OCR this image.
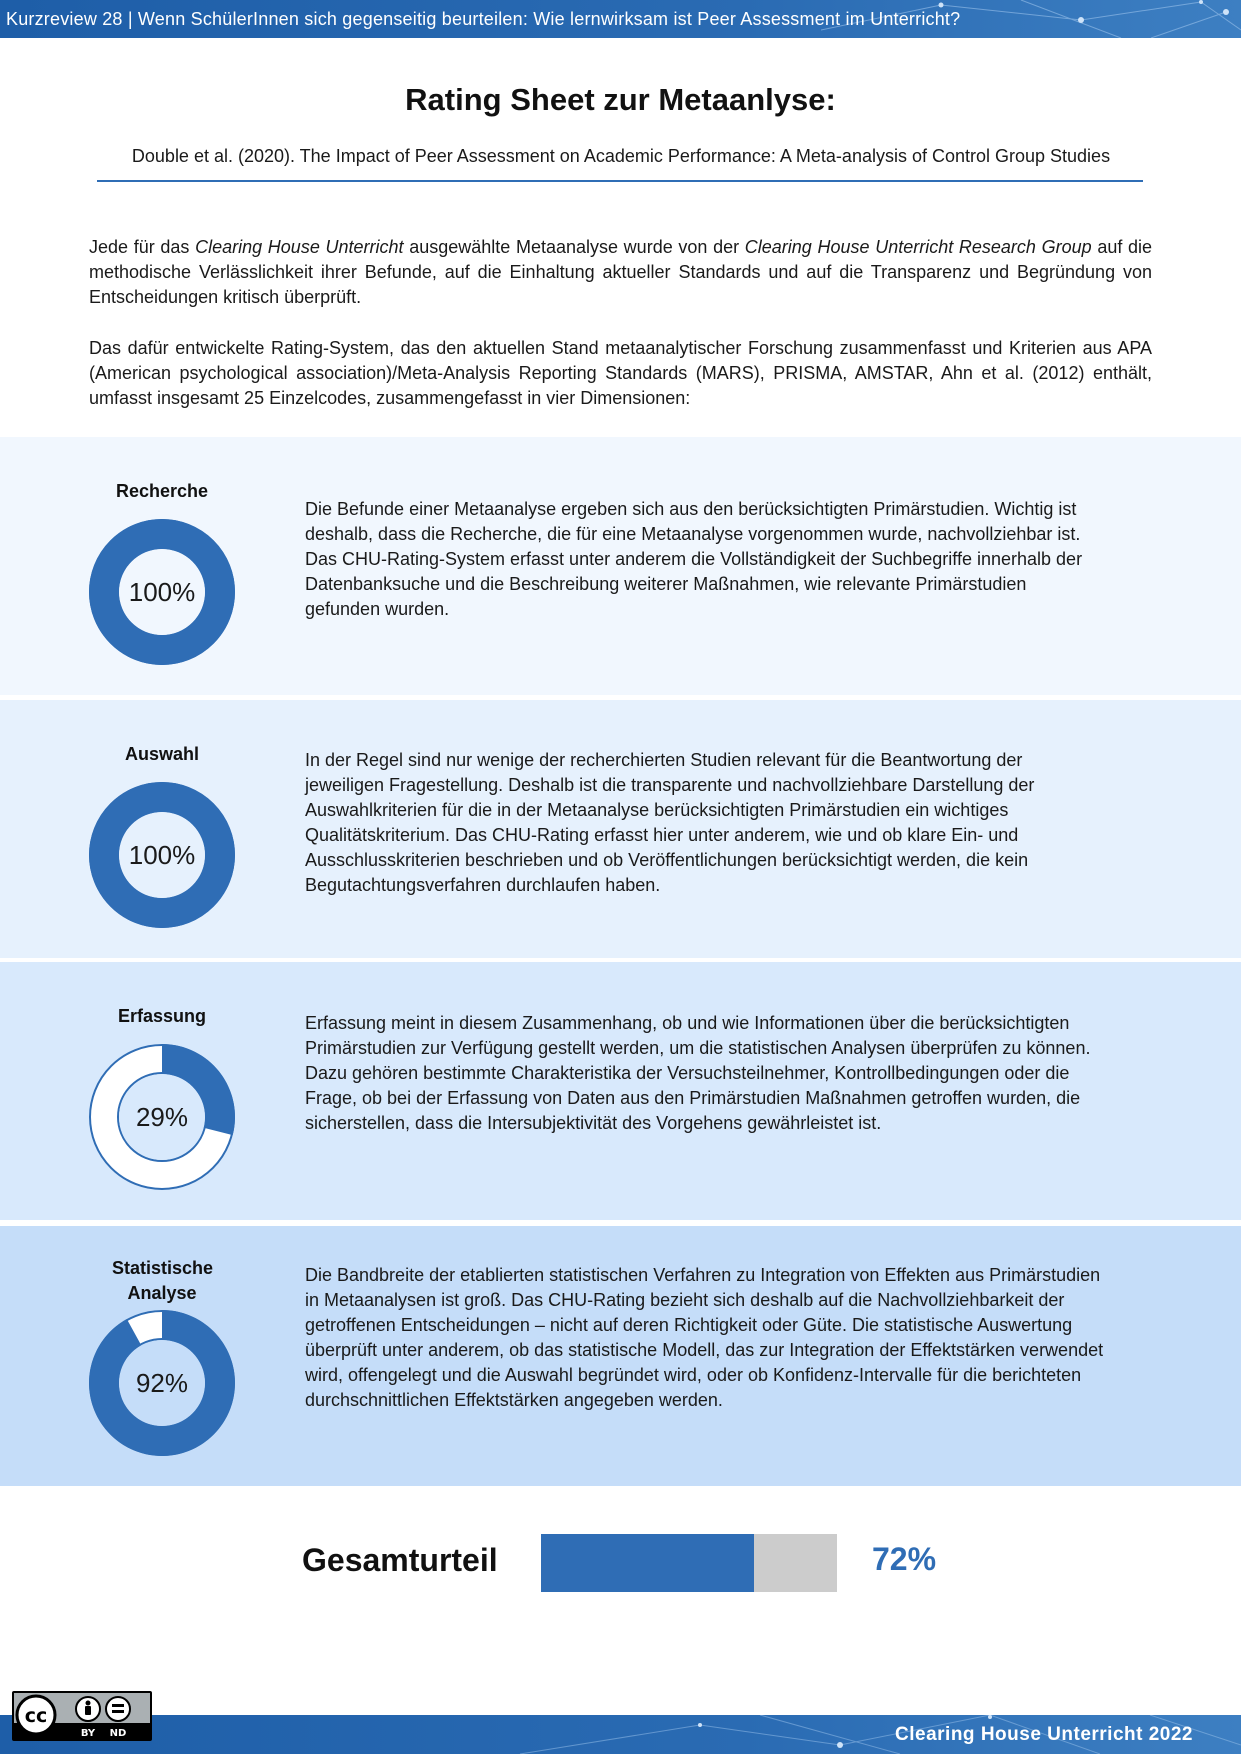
Kurzreview 28 | Wenn SchülerInnen sich gegenseitig beurteilen: Wie lernwirksam ist Peer Assessment im Unterricht?
Rating Sheet zur Metaanlyse:
Double et al. (2020). The Impact of Peer Assessment on Academic Performance: A Meta-analysis of Control Group Studies

Jede für das Clearing House Unterricht ausgewählte Metaanalyse wurde von der Clearing House Unterricht Research Group auf die methodische Verlässlichkeit ihrer Befunde, auf die Einhaltung aktueller Standards und auf die Transparenz und Begründung von Entscheidungen kritisch überprüft.

Das dafür entwickelte Rating-System, das den aktuellen Stand metaanalytischer Forschung zusammenfasst und Kriterien aus APA (American psychological association)/Meta-Analysis Reporting Standards (MARS), PRISMA, AMSTAR, Ahn et al. (2012) enthält, umfasst insgesamt 25 Einzelcodes, zusammengefasst in vier Dimensionen:

Recherche
100%

Die Befunde einer Metaanalyse ergeben sich aus den berücksichtigten Primärstudien. Wichtig ist deshalb, dass die Recherche, die für eine Metaanalyse vorgenommen wurde, nachvollziehbar ist. Das CHU-Rating-System erfasst unter anderem die Vollständigkeit der Suchbegriffe innerhalb der Datenbanksuche und die Beschreibung weiterer Maßnahmen, wie relevante Primärstudien gefunden wurden.

Auswahl
100%

In der Regel sind nur wenige der recherchierten Studien relevant für die Beantwortung der jeweiligen Fragestellung. Deshalb ist die transparente und nachvollziehbare Darstellung der Auswahlkriterien für die in der Metaanalyse berücksichtigten Primärstudien ein wichtiges Qualitätskriterium. Das CHU-Rating erfasst hier unter anderem, wie und ob klare Ein- und Ausschlusskriterien beschrieben und ob Veröffentlichungen berücksichtigt werden, die kein Begutachtungsverfahren durchlaufen haben.

Erfassung
29%

Erfassung meint in diesem Zusammenhang, ob und wie Informationen über die berücksichtigten Primärstudien zur Verfügung gestellt werden, um die statistischen Analysen überprüfen zu können. Dazu gehören bestimmte Charakteristika der Versuchsteilnehmer, Kontrollbedingungen oder die Frage, ob bei der Erfassung von Daten aus den Primärstudien Maßnahmen getroffen wurden, die sicherstellen, dass die Intersubjektivität des Vorgehens gewährleistet ist.

Statistische Analyse
92%

Die Bandbreite der etablierten statistischen Verfahren zu Integration von Effekten aus Primärstudien in Metaanalysen ist groß. Das CHU-Rating bezieht sich deshalb auf die Nachvollziehbarkeit der getroffenen Entscheidungen – nicht auf deren Richtigkeit oder Güte. Die statistische Auswertung überprüft unter anderem, ob das statistische Modell, das zur Integration der Effektstärken verwendet wird, offengelegt und die Auswahl begründet wird, oder ob Konfidenz-Intervalle für die berichteten durchschnittlichen Effektstärken angegeben werden.

Gesamturteil	72%
Clearing House Unterricht 2022
cc
BY ND
